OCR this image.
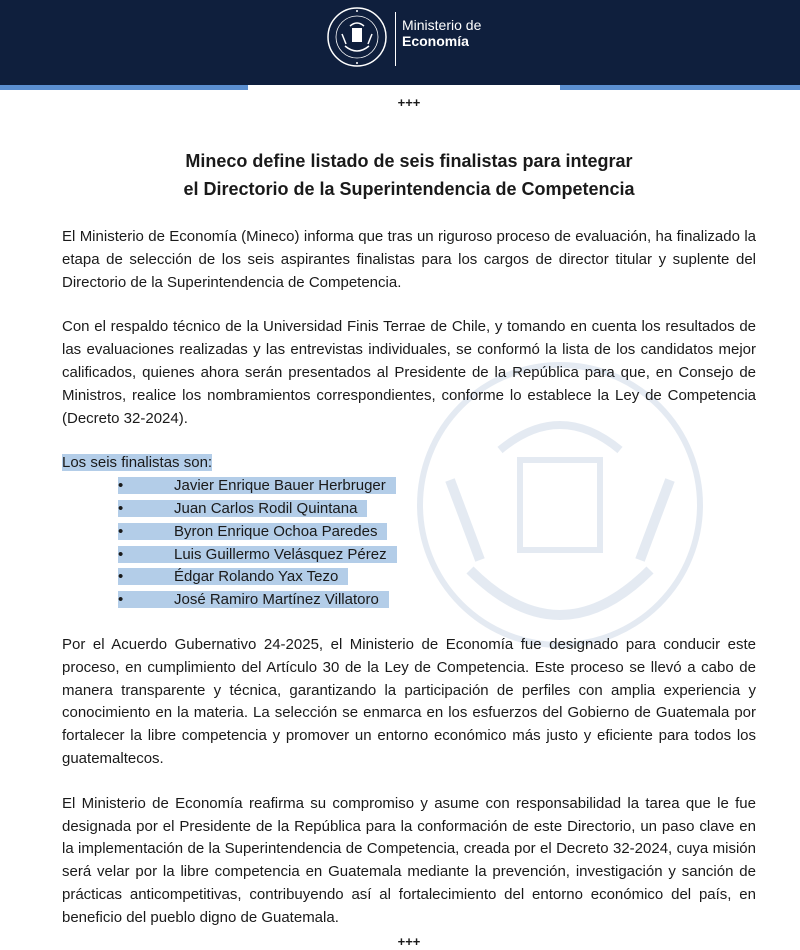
Ministerio de
Economía
+++
Mineco define listado de seis finalistas para integrar
el Directorio de la Superintendencia de Competencia

El Ministerio de Economía (Mineco) informa que tras un riguroso proceso de evaluación, ha finalizado la etapa de selección de los seis aspirantes finalistas para los cargos de director titular y suplente del Directorio de la Superintendencia de Competencia.

Con el respaldo técnico de la Universidad Finis Terrae de Chile, y tomando en cuenta los resultados de las evaluaciones realizadas y las entrevistas individuales, se conformó la lista de los candidatos mejor calificados, quienes ahora serán presentados al Presidente de la República para que, en Consejo de Ministros, realice los nombramientos correspondientes, conforme lo establece la Ley de Competencia (Decreto 32-2024).

Los seis finalistas son:
•	Javier Enrique Bauer Herbruger
•	Juan Carlos Rodil Quintana
•	Byron Enrique Ochoa Paredes
•	Luis Guillermo Velásquez Pérez
•	Édgar Rolando Yax Tezo
•	José Ramiro Martínez Villatoro

Por el Acuerdo Gubernativo 24-2025, el Ministerio de Economía fue designado para conducir este proceso, en cumplimiento del Artículo 30 de la Ley de Competencia. Este proceso se llevó a cabo de manera transparente y técnica, garantizando la participación de perfiles con amplia experiencia y conocimiento en la materia. La selección se enmarca en los esfuerzos del Gobierno de Guatemala por fortalecer la libre competencia y promover un entorno económico más justo y eficiente para todos los guatemaltecos.

El Ministerio de Economía reafirma su compromiso y asume con responsabilidad la tarea que le fue designada por el Presidente de la República para la conformación de este Directorio, un paso clave en la implementación de la Superintendencia de Competencia, creada por el Decreto 32-2024, cuya misión será velar por la libre competencia en Guatemala mediante la prevención, investigación y sanción de prácticas anticompetitivas, contribuyendo así al fortalecimiento del entorno económico del país, en beneficio del pueblo digno de Guatemala.

+++
